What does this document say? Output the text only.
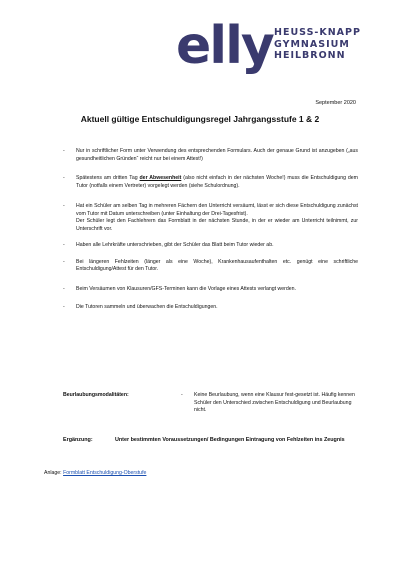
elly HEUSS-KNAPP
GYMNASIUM
HEILBRONN
September 2020
Aktuell gültige Entschuldigungsregel Jahrgangsstufe 1 & 2
- Nur in schriftlicher Form unter Verwendung des entsprechenden Formulars. Auch der genaue Grund ist anzugeben („aus gesundheitlichen Gründen“ reicht nur bei einem Attest!)
- Spätestens am dritten Tag der Abwesenheit (also nicht einfach in der nächsten Woche!) muss die Entschuldigung dem Tutor (notfalls einem Vertreter) vorgelegt werden (siehe Schulordnung).
- Hat ein Schüler am selben Tag in mehreren Fächern den Unterricht versäumt, lässt er sich diese Entschuldigung zunächst vom Tutor mit Datum unterschreiben (unter Einhaltung der Drei-Tagesfrist).
Der Schüler legt den Fachlehrern das Formblatt in der nächsten Stunde, in der er wieder am Unterricht teilnimmt, zur Unterschrift vor.
- Haben alle Lehrkräfte unterschrieben, gibt der Schüler das Blatt beim Tutor wieder ab.
- Bei längeren Fehlzeiten (länger als eine Woche), Krankenhausaufenthalten etc. genügt eine schriftliche Entschuldigung/Attest für den Tutor.
- Beim Versäumen von Klausuren/GFS-Terminen kann die Vorlage eines Attests verlangt werden.
- Die Tutoren sammeln und überwachen die Entschuldigungen.
Beurlaubungsmodalitäten:	- Keine Beurlaubung, wenn eine Klausur fest-gesetzt ist. Häufig kennen Schüler den Unterschied zwischen Entschuldigung und Beurlaubung nicht.
Ergänzung:	Unter bestimmten Voraussetzungen/ Bedingungen Eintragung von Fehlzeiten ins Zeugnis
Anlage: Formblatt Entschuldigung-Oberstufe
